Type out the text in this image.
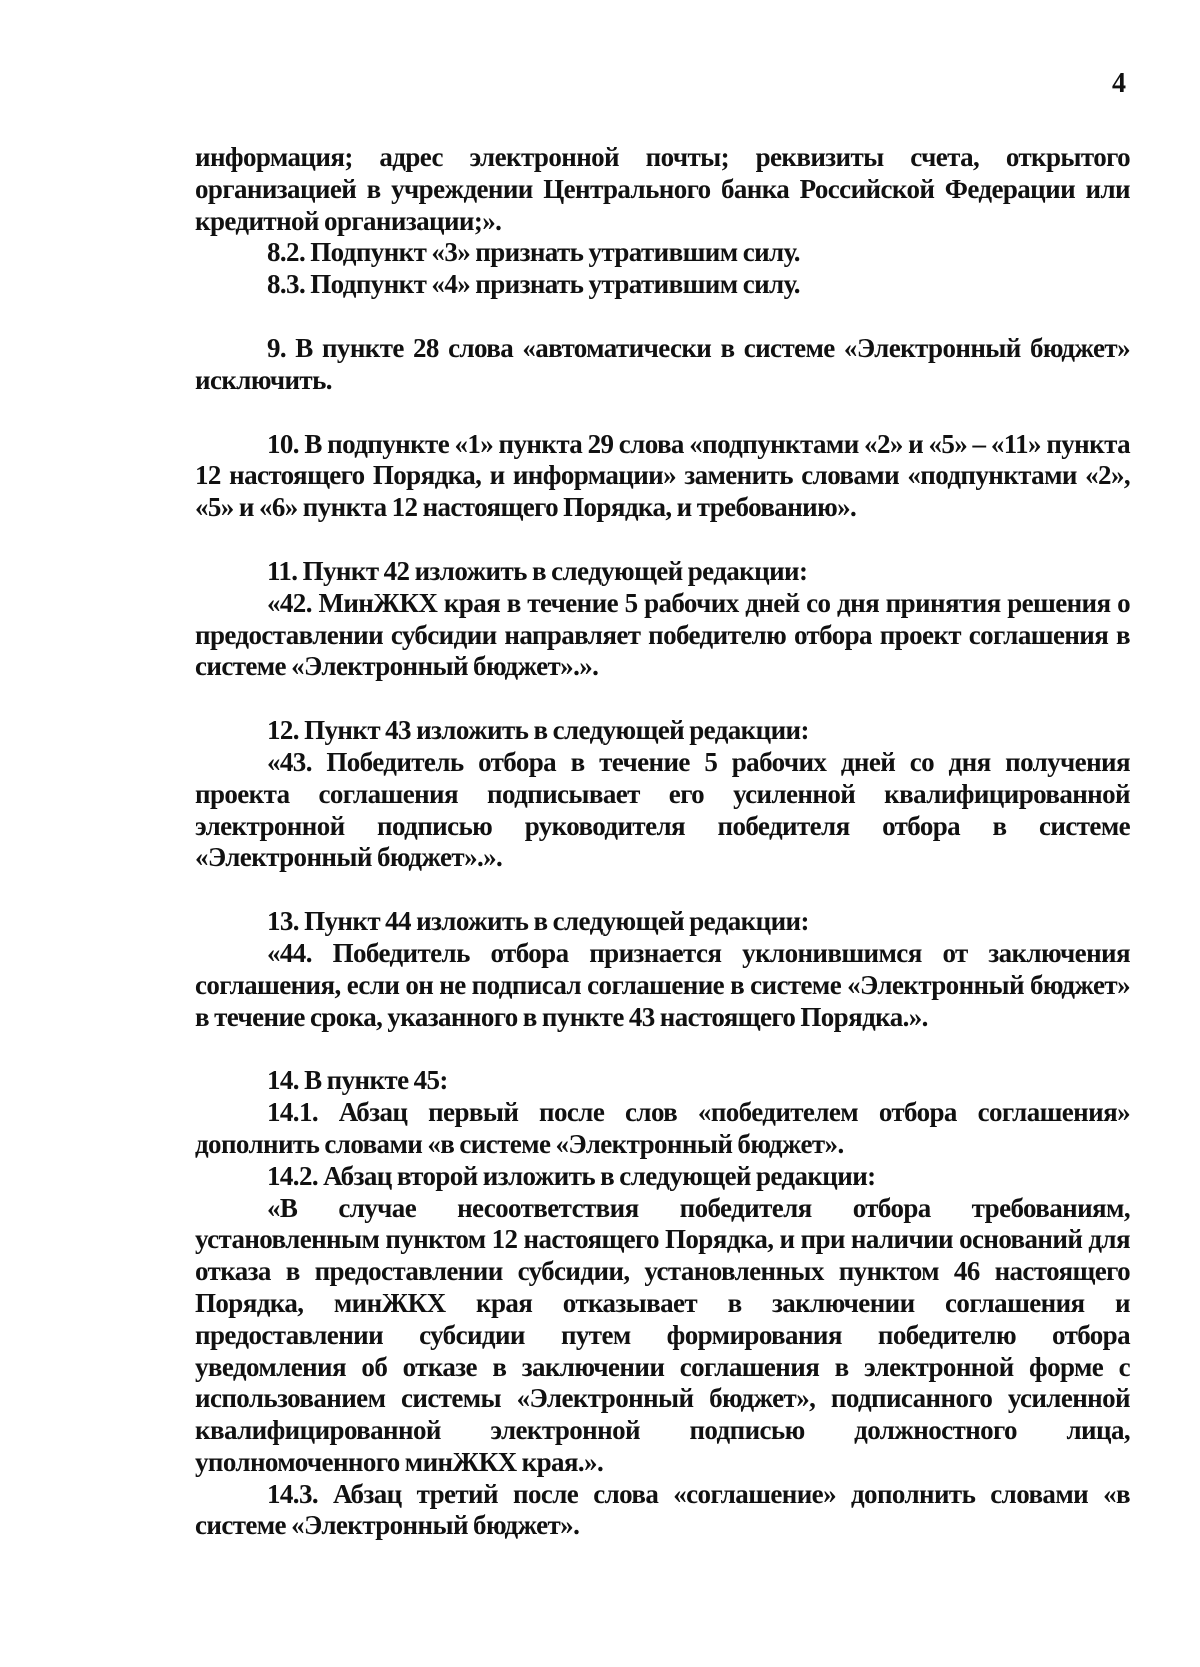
4

информация; адрес электронной почты; реквизиты счета, открытого организацией в учреждении Центрального банка Российской Федерации или кредитной организации;».

8.2. Подпункт «3» признать утратившим силу.

8.3. Подпункт «4» признать утратившим силу.

9. В пункте 28 слова «автоматически в системе «Электронный бюджет» исключить.

10. В подпункте «1» пункта 29 слова «подпунктами «2» и «5» – «11» пункта 12 настоящего Порядка, и информации» заменить словами «подпунктами «2», «5» и «6» пункта 12 настоящего Порядка, и требованию».

11. Пункт 42 изложить в следующей редакции:

«42. МинЖКХ края в течение 5 рабочих дней со дня принятия решения о предоставлении субсидии направляет победителю отбора проект соглашения в системе «Электронный бюджет».».

12. Пункт 43 изложить в следующей редакции:

«43. Победитель отбора в течение 5 рабочих дней со дня получения проекта соглашения подписывает его усиленной квалифицированной электронной подписью руководителя победителя отбора в системе «Электронный бюджет».».

13. Пункт 44 изложить в следующей редакции:

«44. Победитель отбора признается уклонившимся от заключения соглашения, если он не подписал соглашение в системе «Электронный бюджет» в течение срока, указанного в пункте 43 настоящего Порядка.».

14. В пункте 45:

14.1. Абзац первый после слов «победителем отбора соглашения» дополнить словами «в системе «Электронный бюджет».

14.2. Абзац второй изложить в следующей редакции:

«В случае несоответствия победителя отбора требованиям, установленным пунктом 12 настоящего Порядка, и при наличии оснований для отказа в предоставлении субсидии, установленных пунктом 46 настоящего Порядка, минЖКХ края отказывает в заключении соглашения и предоставлении субсидии путем формирования победителю отбора уведомления об отказе в заключении соглашения в электронной форме с использованием системы «Электронный бюджет», подписанного усиленной квалифицированной электронной подписью должностного лица, уполномоченного минЖКХ края.».

14.3. Абзац третий после слова «соглашение» дополнить словами «в системе «Электронный бюджет».
